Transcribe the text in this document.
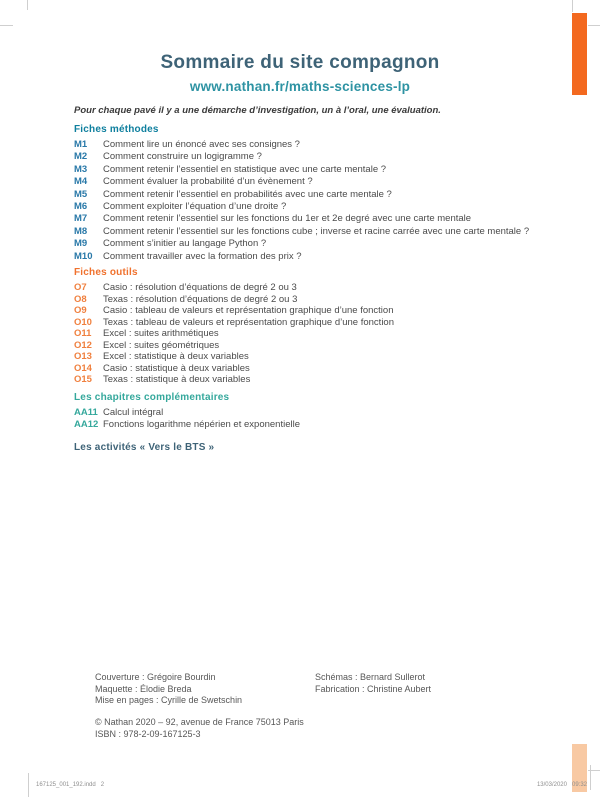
Sommaire du site compagnon
www.nathan.fr/maths-sciences-lp
Pour chaque pavé il y a une démarche d’investigation, un à l’oral, une évaluation.
Fiches méthodes
M1	Comment lire un énoncé avec ses consignes ?
M2	Comment construire un logigramme ?
M3	Comment retenir l’essentiel en statistique avec une carte mentale ?
M4	Comment évaluer la probabilité d’un évènement ?
M5	Comment retenir l’essentiel en probabilités avec une carte mentale ?
M6	Comment exploiter l’équation d’une droite ?
M7	Comment retenir l’essentiel sur les fonctions du 1er et 2e degré avec une carte mentale
M8	Comment retenir l’essentiel sur les fonctions cube ; inverse et racine carrée avec une carte mentale ?
M9	Comment s’initier au langage Python ?
M10	Comment travailler avec la formation des prix ?
Fiches outils
O7	Casio : résolution d’équations de degré 2 ou 3
O8	Texas : résolution d’équations de degré 2 ou 3
O9	Casio : tableau de valeurs et représentation graphique d’une fonction
O10	Texas : tableau de valeurs et représentation graphique d’une fonction
O11	Excel : suites arithmétiques
O12	Excel : suites géométriques
O13	Excel : statistique à deux variables
O14	Casio : statistique à deux variables
O15	Texas : statistique à deux variables
Les chapitres complémentaires
AA11 Calcul intégral
AA12 Fonctions logarithme népérien et exponentielle
Les activités « Vers le BTS »
Couverture : Grégoire Bourdin
Maquette : Élodie Breda
Mise en pages : Cyrille de Swetschin
Schémas : Bernard Sullerot
Fabrication : Christine Aubert
© Nathan 2020 – 92, avenue de France 75013 Paris
ISBN : 978-2-09-167125-3
167125_001_192.indd   2	13/03/2020   09:32
